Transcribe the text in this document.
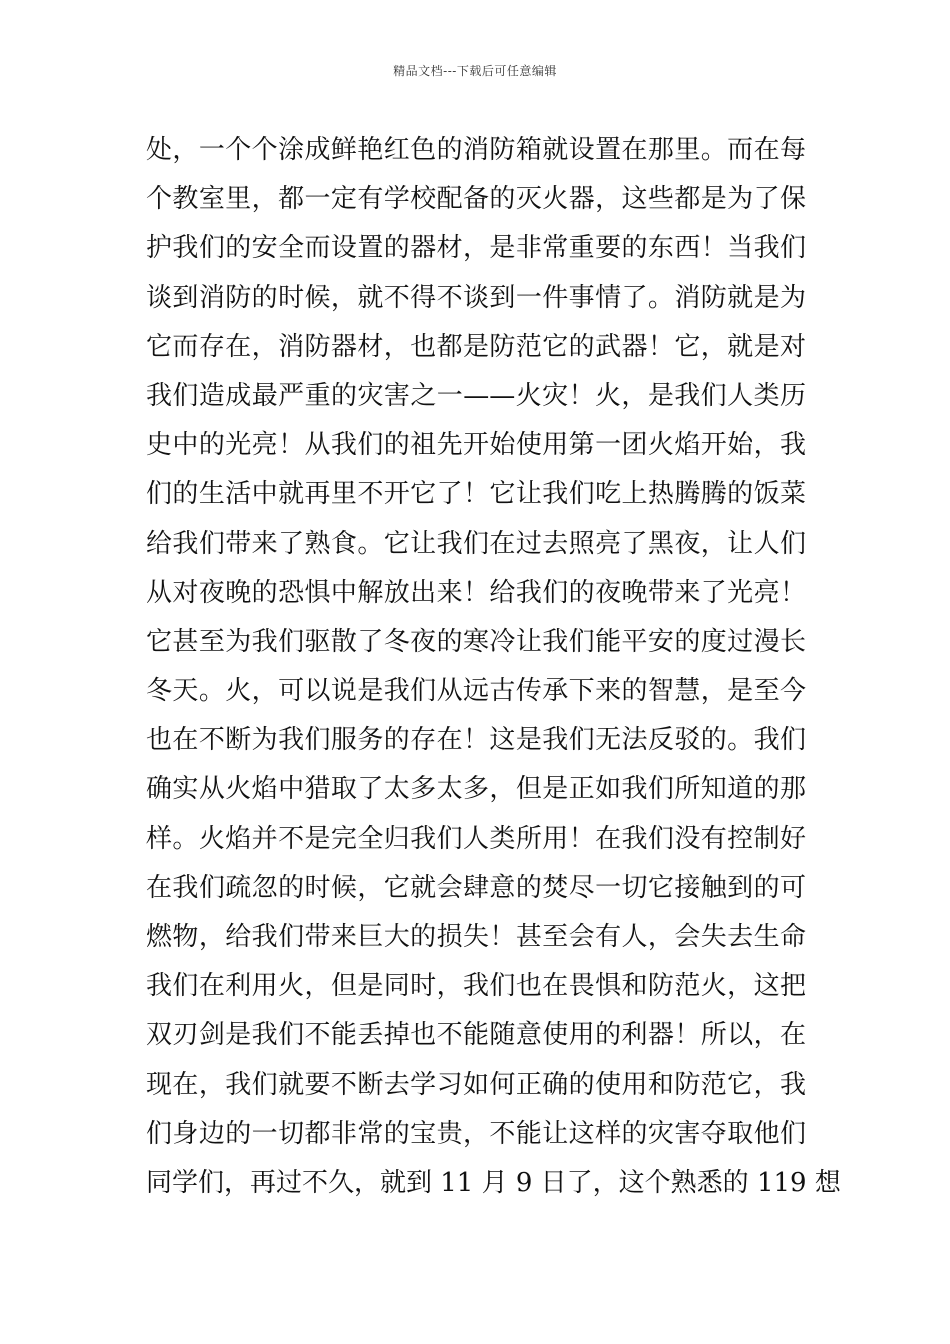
精品文档---下载后可任意编辑
处，一个个涂成鲜艳红色的消防箱就设置在那里。而在每
个教室里，都一定有学校配备的灭火器，这些都是为了保
护我们的安全而设置的器材，是非常重要的东西！当我们
谈到消防的时候，就不得不谈到一件事情了。消防就是为
它而存在，消防器材，也都是防范它的武器！它，就是对
我们造成最严重的灾害之一——火灾！火，是我们人类历
史中的光亮！从我们的祖先开始使用第一团火焰开始，我
们的生活中就再里不开它了！它让我们吃上热腾腾的饭菜
给我们带来了熟食。它让我们在过去照亮了黑夜，让人们
从对夜晚的恐惧中解放出来！给我们的夜晚带来了光亮！
它甚至为我们驱散了冬夜的寒冷让我们能平安的度过漫长
冬天。火，可以说是我们从远古传承下来的智慧，是至今
也在不断为我们服务的存在！这是我们无法反驳的。我们
确实从火焰中猎取了太多太多，但是正如我们所知道的那
样。火焰并不是完全归我们人类所用！在我们没有控制好
在我们疏忽的时候，它就会肆意的焚尽一切它接触到的可
燃物，给我们带来巨大的损失！甚至会有人，会失去生命
我们在利用火，但是同时，我们也在畏惧和防范火，这把
双刃剑是我们不能丢掉也不能随意使用的利器！所以，在
现在，我们就要不断去学习如何正确的使用和防范它，我
们身边的一切都非常的宝贵，不能让这样的灾害夺取他们
同学们，再过不久，就到 11 月 9 日了，这个熟悉的 119 想
